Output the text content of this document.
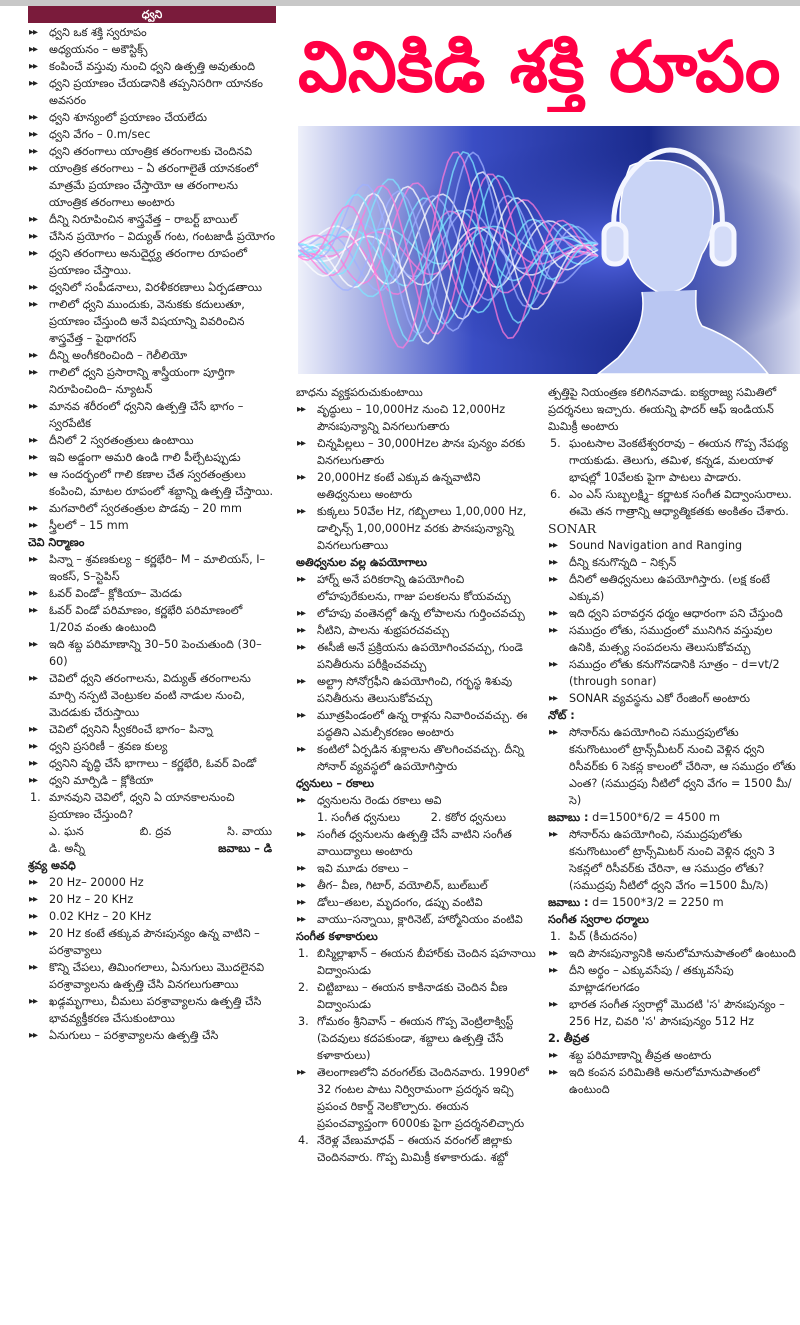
వినికిడి శక్తి రూపం
ధ్వని
▶▶ ధ్వని ఒక శక్తి స్వరూపం
▶▶ అధ్యయనం – అకౌస్టిక్స్
▶▶ కంపించే వస్తువు నుంచి ధ్వని ఉత్పత్తి అవుతుంది
▶▶ ధ్వని ప్రయాణం చేయడానికి తప్పనిసరిగా యానకం అవసరం
▶▶ ధ్వని శూన్యంలో ప్రయాణం చేయలేదు
▶▶ ధ్వని వేగం – 0.m/sec
▶▶ ధ్వని తరంగాలు యాంత్రిక తరంగాలకు చెందినవి
▶▶ యాంత్రిక తరంగాలు – ఏ తరంగాలైతే యానకంలో మాత్రమే ప్రయాణం చేస్తాయో ఆ తరంగాలను యాంత్రిక తరంగాలు అంటారు
▶▶ దీన్ని నిరూపించిన శాస్త్రవేత్త – రాబర్ట్ బాయిల్
▶▶ చేసిన ప్రయోగం – విద్యుత్ గంట, గంటజాడీ ప్రయోగం
▶▶ ధ్వని తరంగాలు అనుదైర్ఘ్య తరంగాల రూపంలో ప్రయాణం చేస్తాయి.
▶▶ ధ్వనిలో సంపీడనాలు, విరళీకరణాలు ఏర్పడతాయి
▶▶ గాలిలో ధ్వని ముందుకు, వెనుకకు కదులుతూ, ప్రయాణం చేస్తుంది అనే విషయాన్ని వివరించిన శాస్త్రవేత్త – పైథాగరస్
▶▶ దీన్ని అంగీకరించింది – గెలీలియో
▶▶ గాలిలో ధ్వని ప్రసారాన్ని శాస్త్రీయంగా పూర్తిగా నిరూపించింది– న్యూటన్
▶▶ మానవ శరీరంలో ధ్వనిని ఉత్పత్తి చేసే భాగం – స్వరపేటిక
▶▶ దీనిలో 2 స్వరతంత్రులు ఉంటాయి
▶▶ ఇవి అడ్డంగా అమరి ఉండి గాలి పీల్చేటప్పుడు
▶▶ ఆ సందర్భంలో గాలి కణాల చేత స్వరతంత్రులు కంపించి, మాటల రూపంలో శబ్దాన్ని ఉత్పత్తి చేస్తాయి.
▶▶ మగవారిలో స్వరతంత్రుల పొడవు – 20 mm
▶▶ స్త్రీలలో – 15 mm
చెవి నిర్మాణం
▶▶ పిన్నా – శ్రవణకుల్య – కర్ణభేరి– M – మాలియస్, I–ఇంకస్, S–స్టెపిస్
▶▶ ఓవర్ విండో– క్లోకియా– మెదడు
▶▶ ఓవర్ విండో పరిమాణం, కర్ణభేరి పరిమాణంలో 1/20వ వంతు ఉంటుంది
▶▶ ఇది శబ్ద పరిమాణాన్ని 30–50 పెంచుతుంది (30–60)
▶▶ చెవిలో ధ్వని తరంగాలను, విద్యుత్ తరంగాలను మార్చి నస్పటి వెంట్రుకల వంటి నాడుల నుంచి, మెదడుకు చేరుస్తాయి
▶▶ చెవిలో ధ్వనిని స్వీకరించే భాగం– పిన్నా
▶▶ ధ్వని ప్రసరిణీ – శ్రవణ కుల్య
▶▶ ధ్వనిని వృద్ధి చేసే భాగాలు – కర్ణభేరి, ఓవర్ విండో
▶▶ ధ్వని మార్పిడి – క్లోకియా
1. మానవుని చెవిలో, ధ్వని ఏ యానకాలనుంచి ప్రయాణం చేస్తుంది?
ఎ. ఘన	బి. ద్రవ	సి. వాయు
డి. అన్నీ	జవాబు – డి
శ్రవ్య అవధి
▶▶ 20 Hz– 20000 Hz
▶▶ 20 Hz – 20 KHz
▶▶ 0.02 KHz – 20 KHz
▶▶ 20 Hz కంటే తక్కువ పౌనఃపున్యం ఉన్న వాటిని – పరశ్రావ్యాలు
▶▶ కొన్ని చేపలు, తిమింగలాలు, ఏనుగులు మొదలైనవి పరశ్రావ్యాలను ఉత్పత్తి చేసి వినగలుగుతాయి
▶▶ ఖడ్గమృగాలు, చీమలు పరశ్రావ్యాలను ఉత్పత్తి చేసి భావవ్యక్తీకరణ చేసుకుంటాయి
▶▶ ఏనుగులు – పరశ్రావ్యాలను ఉత్పత్తి చేసి
బాధను వ్యక్తపరుచుకుంటాయి
▶▶ వృద్ధులు – 10,000Hz నుంచి 12,000Hz పౌనఃపున్యాన్ని వినగలుగుతారు
▶▶ చిన్నపిల్లలు – 30,000Hzల పౌనః పున్యం వరకు వినగలుగుతారు
▶▶ 20,000Hz కంటే ఎక్కువ ఉన్నవాటిని అతిధ్వనులు అంటారు
▶▶ కుక్కలు 50వేల Hz, గబ్బిలాలు 1,00,000 Hz, డాల్ఫిన్స్ 1,00,000Hz వరకు పౌనఃపున్యాన్ని వినగలుగుతాయి
అతిధ్వనుల వల్ల ఉపయోగాలు
▶▶ హార్న్ అనే పరికరాన్ని ఉపయోగించి లోహపురేకులను, గాజు పలకలను కోయవచ్చు
▶▶ లోహపు వంతెనల్లో ఉన్న లోపాలను గుర్తించవచ్చు
▶▶ నీటిని, పాలను శుభ్రపరచవచ్చు
▶▶ ఈసీజీ అనే ప్రక్రియను ఉపయోగించవచ్చు, గుండె పనితీరును పరీక్షించవచ్చు
▶▶ అల్ట్రా సోనోగ్రఫీని ఉపయోగించి, గర్భస్థ శిశువు పనితీరును తెలుసుకోవచ్చు
▶▶ మూత్రపిండంలో ఉన్న రాళ్లను నివారించవచ్చు. ఈ పద్ధతిని ఎమల్సీకరణం అంటారు
▶▶ కంటిలో ఏర్పడిన శుక్లాలను తొలగించవచ్చు. దీన్ని సోనార్ వ్యవస్థలో ఉపయోగిస్తారు
ధ్వనులు – రకాలు
▶▶ ధ్వనులను రెండు రకాలు అవి
1. సంగీత ధ్వనులు	2. కఠోర ధ్వనులు
▶▶ సంగీత ధ్వనులను ఉత్పత్తి చేసే వాటిని సంగీత వాయిద్యాలు అంటారు
▶▶ ఇవి మూడు రకాలు –
▶▶ తీగ– వీణ, గిటార్, వయోలిన్, బుల్‌బుల్
▶▶ డోలు–తబల, మృదంగం, డప్పు వంటివి
▶▶ వాయు–సన్నాయి, క్లారినెట్, హార్మోనియం వంటివి
సంగీత కళాకారులు
1. బిస్మిల్లాఖాన్ – ఈయన బీహార్‌కు చెందిన షహనాయి విద్వాంసుడు
2. చిట్టిబాబు – ఈయన కాకినాడకు చెందిన వీణ విద్వాంసుడు
3. గోమఠం శ్రీనివాస్ – ఈయన గొప్ప వెంట్రిలాక్విస్ట్ (పెదవులు కదపకుండా, శబ్దాలు ఉత్పత్తి చేసే కళాకారులు)
▶▶ తెలంగాణలోని వరంగల్‌కు చెందినవారు. 1990లో 32 గంటల పాటు నిర్విరామంగా ప్రదర్శన ఇచ్చి ప్రపంచ రికార్డ్ నెలకొల్పారు. ఈయన ప్రపంచవ్యాప్తంగా 6000కు పైగా ప్రదర్శనలిచ్చారు
4. నేరెళ్ల వేణుమాధవ్ – ఈయన వరంగల్ జిల్లాకు చెందినవారు. గొప్ప మిమిక్రీ కళాకారుడు. శబ్దో
త్పత్తిపై నియంత్రణ కలిగినవాడు. ఐక్యరాజ్య సమితిలో ప్రదర్శనలు ఇచ్చారు. ఈయన్ని ఫాదర్ ఆఫ్ ఇండియన్ మిమిక్రీ అంటారు
5. ఘంటసాల వెంకటేశ్వరరావు – ఈయన గొప్ప నేపథ్య గాయకుడు. తెలుగు, తమిళ, కన్నడ, మలయాళ భాషల్లో 10వేలకు పైగా పాటలు పాడారు.
6. ఎం ఎస్ సుబ్బలక్ష్మి– కర్ణాటక సంగీత విద్వాంసురాలు. ఈమె తన గాత్రాన్ని ఆధ్యాత్మికతకు అంకితం చేశారు.
SONAR
▶▶ Sound Navigation and Ranging
▶▶ దీన్ని కనుగొన్నది – నిక్సన్
▶▶ దీనిలో అతిధ్వనులు ఉపయోగిస్తారు. (లక్ష కంటే ఎక్కువ)
▶▶ ఇది ధ్వని పరావర్తన ధర్మం ఆధారంగా పని చేస్తుంది
▶▶ సముద్రం లోతు, సముద్రంలో మునిగిన వస్తువుల ఉనికి, మత్స్య సంపదలను తెలుసుకోవచ్చు
▶▶ సముద్రం లోతు కనుగొనడానికి సూత్రం – d=vt/2 (through sonar)
▶▶ SONAR వ్యవస్థను ఎకో రేంజింగ్ అంటారు
నోట్ :
▶▶ సోనార్‌ను ఉపయోగించి సముద్రపులోతు కనుగొంటుంలో ట్రాన్స్‌మీటర్ నుంచి వెళ్లిన ధ్వని రిసీవర్‌కు 6 సెకన్ల కాలంలో చేరినా, ఆ సముద్రం లోతు ఎంత? (సముద్రపు నీటిలో ధ్వని వేగం = 1500 మీ/సె)
జవాబు : d=1500*6/2 = 4500 m
▶▶ సోనార్‌ను ఉపయోగించి, సముద్రపులోతు కనుగొంటుంలో ట్రాన్స్‌మిటర్ నుంచి వెళ్లిన ధ్వని 3 సెకన్లలో రిసీవర్‌కు చేరినా, ఆ సముద్రం లోతు? (సముద్రపు నీటిలో ధ్వని వేగం =1500 మీ/సె)
జవాబు : d= 1500*3/2 = 2250 m
సంగీత స్వరాల ధర్మాలు
1. పిచ్ (కీచుదనం)
▶▶ ఇది పౌనఃపున్యానికి అనులోమానుపాతంలో ఉంటుంది
▶▶ దీని అర్థం – ఎక్కువసేపు / తక్కువసేపు మాట్లాడగలగడం
▶▶ భారత సంగీత స్వరాల్లో మొదటి 'స' పౌనఃపున్యం – 256 Hz, చివరి 'స' పౌనఃపున్యం 512 Hz
2. తీవ్రత
▶▶ శబ్ద పరిమాణాన్ని తీవ్రత అంటారు
▶▶ ఇది కంపన పరిమితికి అనులోమానుపాతంలో ఉంటుంది
